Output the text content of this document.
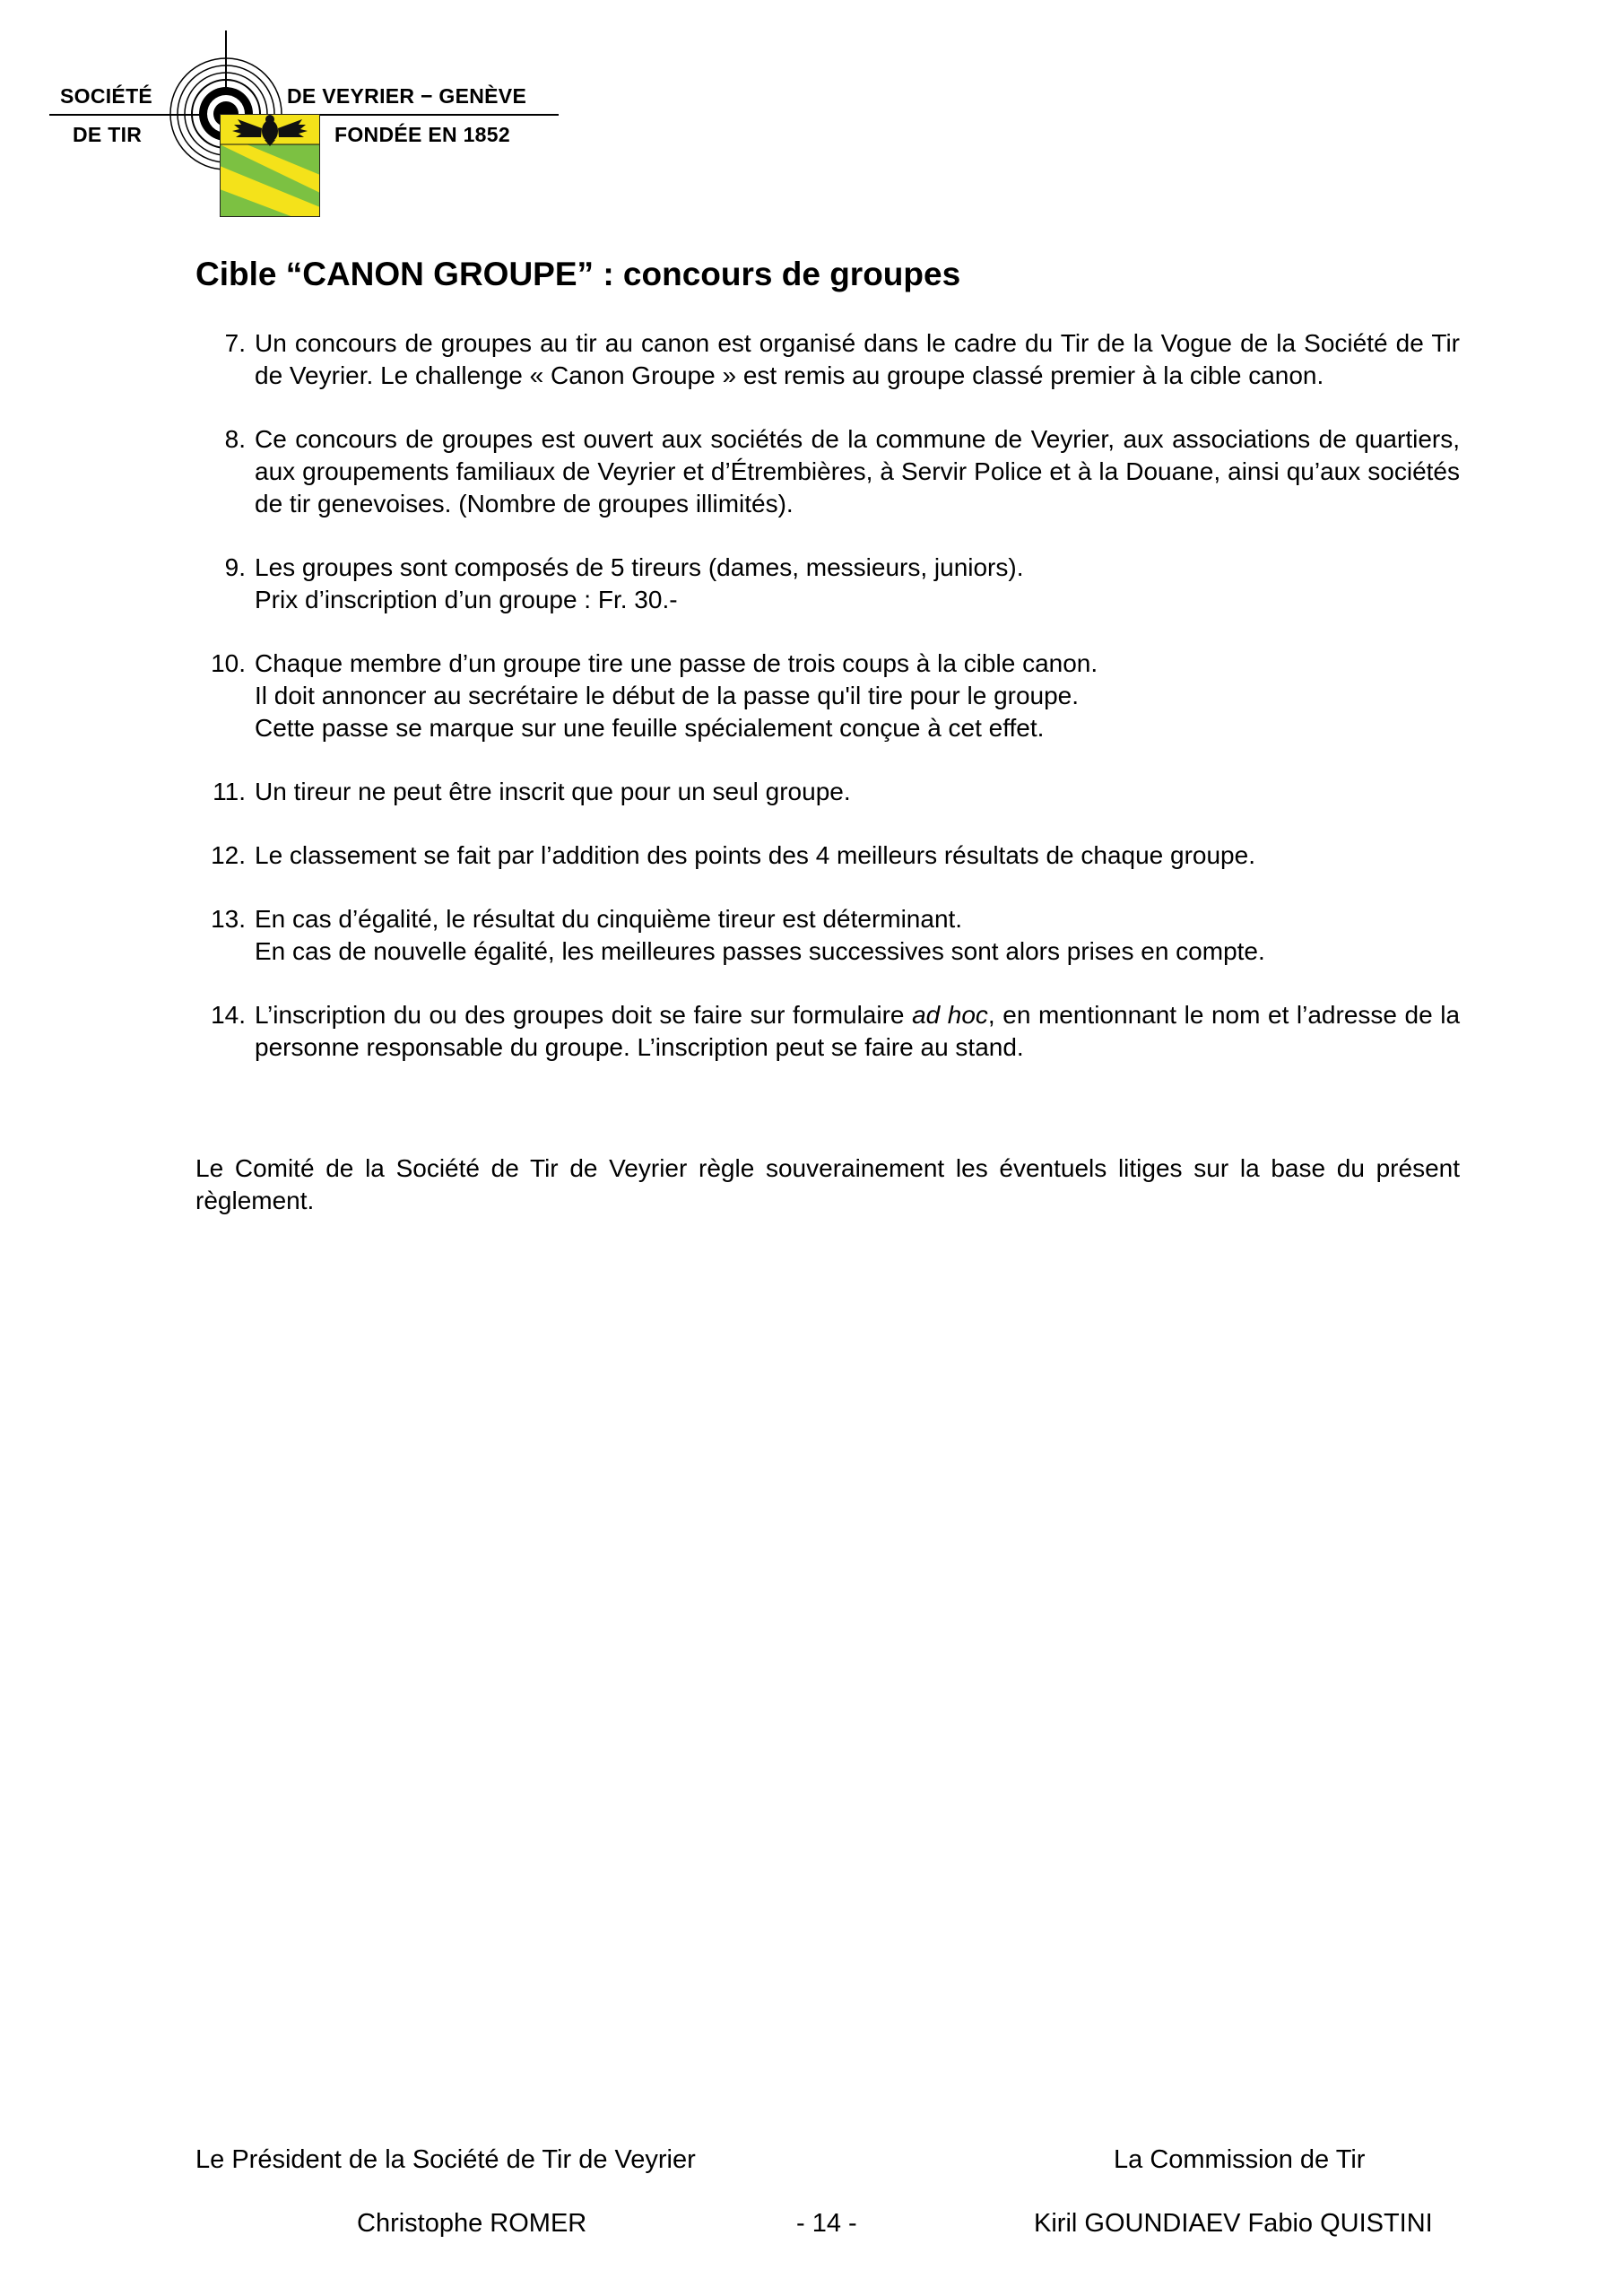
SOCIÉTÉ
DE TIR
DE VEYRIER − GENÈVE
FONDÉE EN 1852
Cible “CANON GROUPE” : concours de groupes
7. Un concours de groupes au tir au canon est organisé dans le cadre du Tir de la Vogue de la Société de Tir de Veyrier. Le challenge « Canon Groupe » est remis au groupe classé premier à la cible canon.

8. Ce concours de groupes est ouvert aux sociétés de la commune de Veyrier, aux associations de quartiers, aux groupements familiaux de Veyrier et d’Étrembières, à Servir Police et à la Douane, ainsi qu’aux sociétés de tir genevoises. (Nombre de groupes illimités).

9. Les groupes sont composés de 5 tireurs (dames, messieurs, juniors).

Prix d’inscription d’un groupe : Fr. 30.-

10. Chaque membre d’un groupe tire une passe de trois coups à la cible canon.

Il doit annoncer au secrétaire le début de la passe qu'il tire pour le groupe.

Cette passe se marque sur une feuille spécialement conçue à cet effet.

11. Un tireur ne peut être inscrit que pour un seul groupe.

12. Le classement se fait par l’addition des points des 4 meilleurs résultats de chaque groupe.

13. En cas d’égalité, le résultat du cinquième tireur est déterminant.

En cas de nouvelle égalité, les meilleures passes successives sont alors prises en compte.

14. L’inscription du ou des groupes doit se faire sur formulaire ad hoc, en mentionnant le nom et l’adresse de la personne responsable du groupe. L’inscription peut se faire au stand.

Le Comité de la Société de Tir de Veyrier règle souverainement les éventuels litiges sur la base du présent règlement.
Le Président de la Société de Tir de Veyrier	La Commission de Tir
Christophe ROMER	- 14 -	Kiril GOUNDIAEV Fabio QUISTINI
